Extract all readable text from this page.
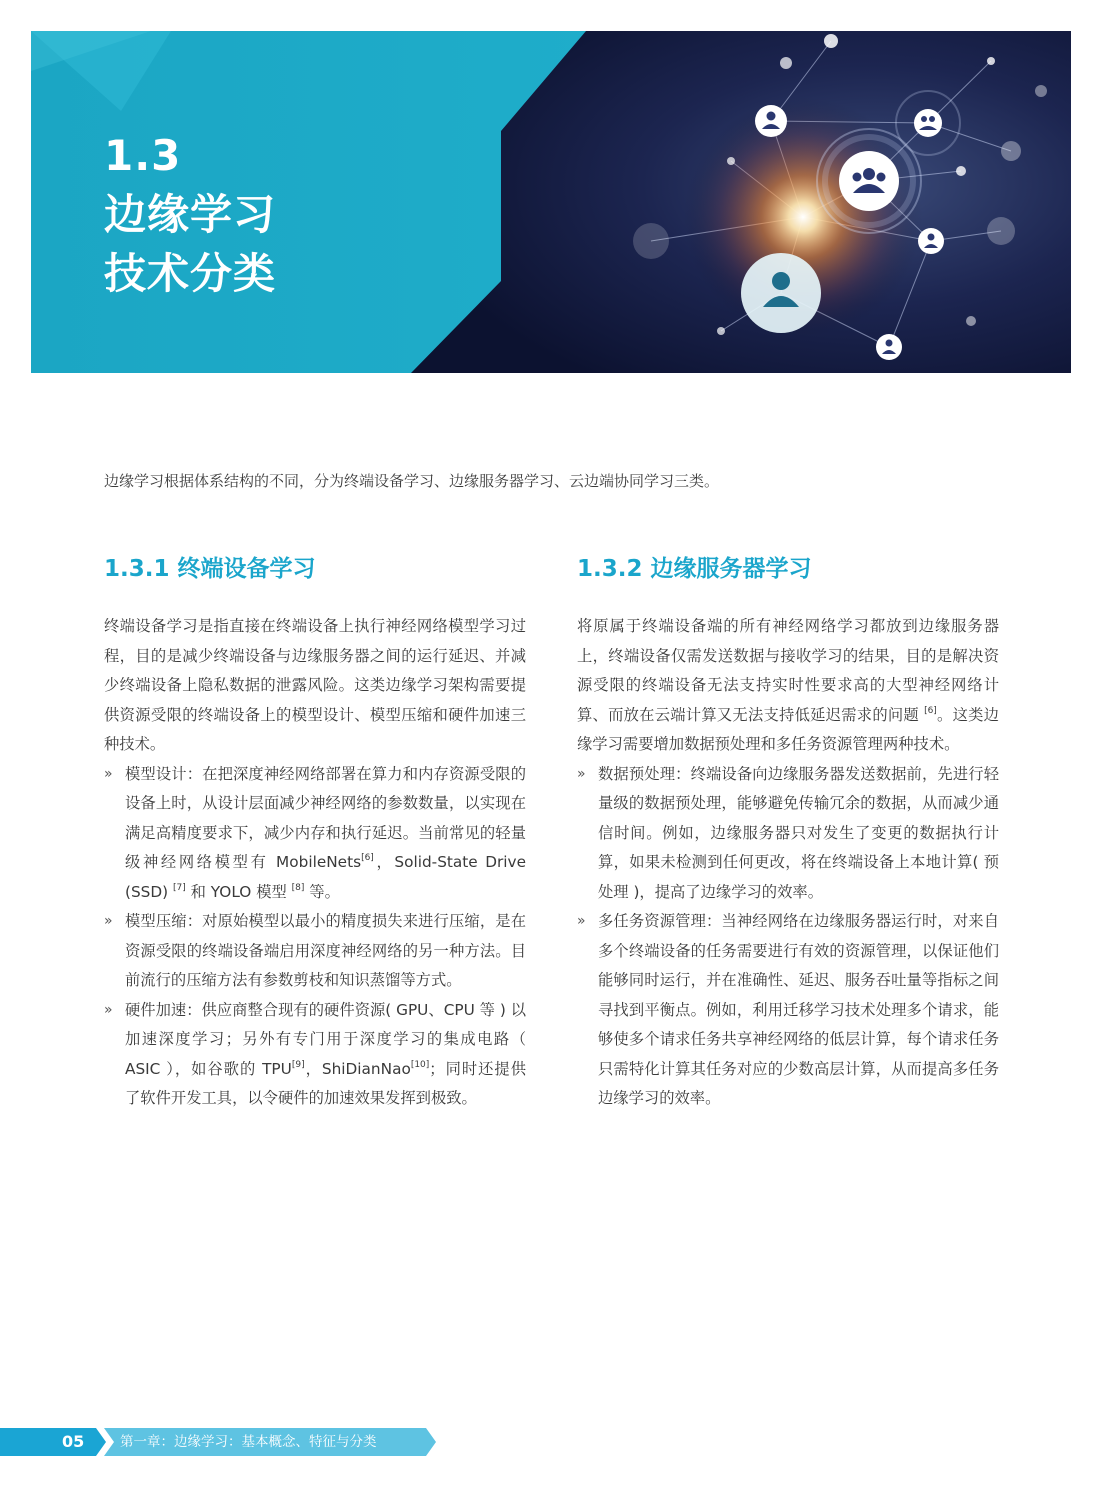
1.3
边缘学习
技术分类
边缘学习根据体系结构的不同，分为终端设备学习、边缘服务器学习、云边端协同学习三类。
1.3.1 终端设备学习

终端设备学习是指直接在终端设备上执行神经网络模型学习过程，目的是减少终端设备与边缘服务器之间的运行延迟、并减少终端设备上隐私数据的泄露风险。这类边缘学习架构需要提供资源受限的终端设备上的模型设计、模型压缩和硬件加速三种技术。

» 模型设计：在把深度神经网络部署在算力和内存资源受限的设备上时，从设计层面减少神经网络的参数数量，以实现在满足高精度要求下，减少内存和执行延迟。当前常见的轻量级神经网络模型有 MobileNets[6]，Solid-State Drive (SSD) [7] 和 YOLO 模型 [8] 等。
» 模型压缩：对原始模型以最小的精度损失来进行压缩，是在资源受限的终端设备端启用深度神经网络的另一种方法。目前流行的压缩方法有参数剪枝和知识蒸馏等方式。
» 硬件加速：供应商整合现有的硬件资源( GPU、CPU 等 ) 以加速深度学习；另外有专门用于深度学习的集成电路（ ASIC ），如谷歌的 TPU[9]，ShiDianNao[10]；同时还提供了软件开发工具，以令硬件的加速效果发挥到极致。
1.3.2 边缘服务器学习

将原属于终端设备端的所有神经网络学习都放到边缘服务器上，终端设备仅需发送数据与接收学习的结果，目的是解决资源受限的终端设备无法支持实时性要求高的大型神经网络计算、而放在云端计算又无法支持低延迟需求的问题 [6]。这类边缘学习需要增加数据预处理和多任务资源管理两种技术。

» 数据预处理：终端设备向边缘服务器发送数据前，先进行轻量级的数据预处理，能够避免传输冗余的数据，从而减少通信时间。例如，边缘服务器只对发生了变更的数据执行计算，如果未检测到任何更改，将在终端设备上本地计算( 预处理 )，提高了边缘学习的效率。
» 多任务资源管理：当神经网络在边缘服务器运行时，对来自多个终端设备的任务需要进行有效的资源管理，以保证他们能够同时运行，并在准确性、延迟、服务吞吐量等指标之间寻找到平衡点。例如，利用迁移学习技术处理多个请求，能够使多个请求任务共享神经网络的低层计算，每个请求任务只需特化计算其任务对应的少数高层计算，从而提高多任务边缘学习的效率。
05	第一章：边缘学习：基本概念、特征与分类
